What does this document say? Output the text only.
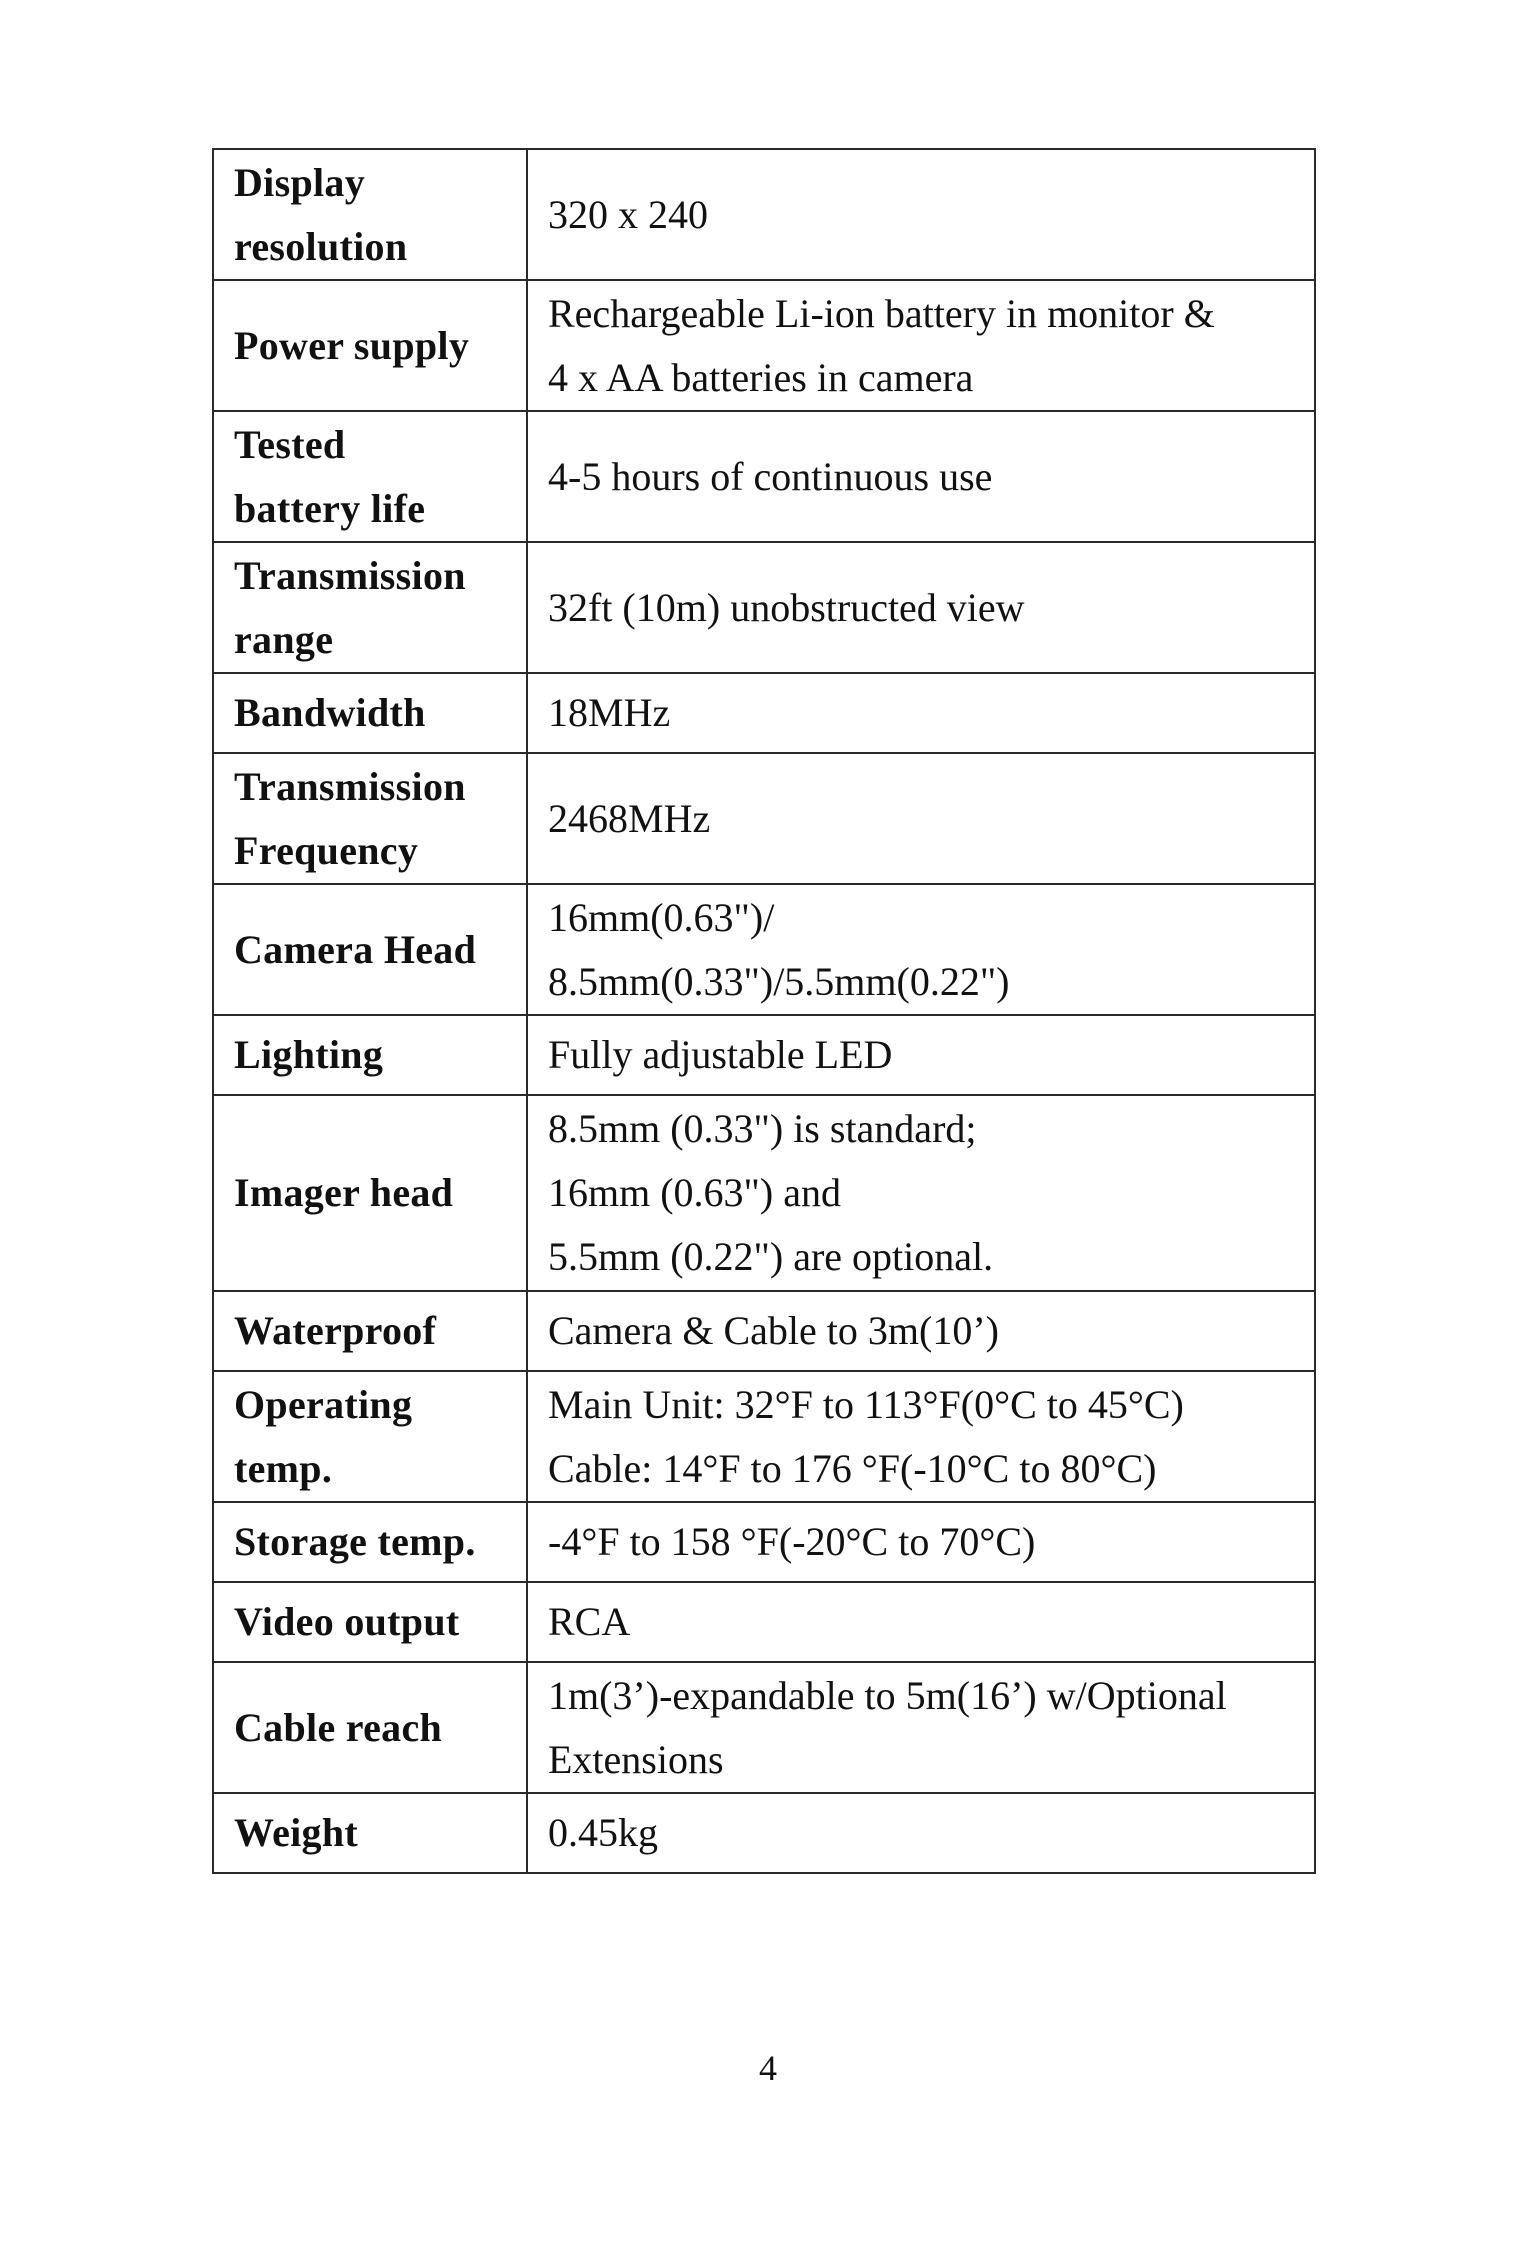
Display
resolution	320 x 240

Power supply	Rechargeable Li-ion battery in monitor &
4 x AA batteries in camera

Tested
battery life	4-5 hours of continuous use

Transmission
range	32ft (10m) unobstructed view

Bandwidth	18MHz

Transmission
Frequency	2468MHz

Camera Head	16mm(0.63")/
8.5mm(0.33")/5.5mm(0.22")

Lighting	Fully adjustable LED

Imager head	8.5mm (0.33") is standard;
16mm (0.63") and
5.5mm (0.22") are optional.

Waterproof	Camera & Cable to 3m(10’)

Operating
temp.	Main Unit: 32°F to 113°F(0°C to 45°C)
Cable: 14°F to 176 °F(-10°C to 80°C)

Storage temp.	-4°F to 158 °F(-20°C to 70°C)

Video output	RCA

Cable reach	1m(3’)-expandable to 5m(16’) w/Optional
Extensions

Weight	0.45kg
4
